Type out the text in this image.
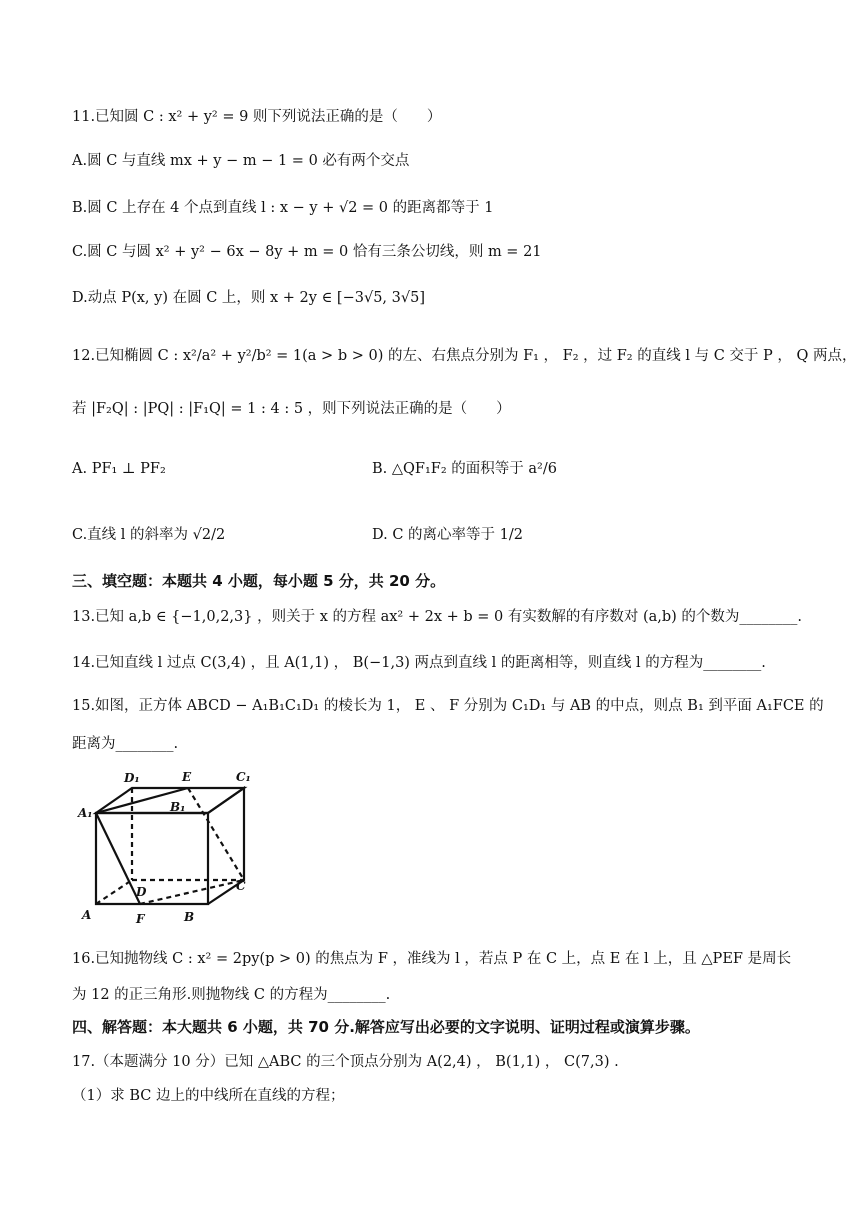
11.已知圆 C : x² + y² = 9 则下列说法正确的是（　　）
A.圆 C 与直线 mx + y − m − 1 = 0 必有两个交点
B.圆 C 上存在 4 个点到直线 l : x − y + √2 = 0 的距离都等于 1
C.圆 C 与圆 x² + y² − 6x − 8y + m = 0 恰有三条公切线，则 m = 21
D.动点 P(x, y) 在圆 C 上，则 x + 2y ∈ [−3√5, 3√5]
12.已知椭圆 C : x²/a² + y²/b² = 1(a > b > 0) 的左、右焦点分别为 F₁ ， F₂ ，过 F₂ 的直线 l 与 C 交于 P ， Q 两点，
若 |F₂Q| : |PQ| : |F₁Q| = 1 : 4 : 5 ，则下列说法正确的是（　　）
A. PF₁ ⊥ PF₂	B. △QF₁F₂ 的面积等于 a²/6
C.直线 l 的斜率为 √2/2	D. C 的离心率等于 1/2
三、填空题：本题共 4 小题，每小题 5 分，共 20 分。
13.已知 a,b ∈ {−1,0,2,3} ，则关于 x 的方程 ax² + 2x + b = 0 有实数解的有序数对 (a,b) 的个数为________.
14.已知直线 l 过点 C(3,4) ，且 A(1,1) ， B(−1,3) 两点到直线 l 的距离相等，则直线 l 的方程为________.
15.如图，正方体 ABCD − A₁B₁C₁D₁ 的棱长为 1， E 、 F 分别为 C₁D₁ 与 AB 的中点，则点 B₁ 到平面 A₁FCE 的
距离为________.
D₁	E	C₁
A₁	B₁
D	C
A	F	B
16.已知抛物线 C : x² = 2py(p > 0) 的焦点为 F ，准线为 l ，若点 P 在 C 上，点 E 在 l 上，且 △PEF 是周长
为 12 的正三角形.则抛物线 C 的方程为________.
四、解答题：本大题共 6 小题，共 70 分.解答应写出必要的文字说明、证明过程或演算步骤。
17.（本题满分 10 分）已知 △ABC 的三个顶点分别为 A(2,4) ， B(1,1) ， C(7,3) .
（1）求 BC 边上的中线所在直线的方程；
